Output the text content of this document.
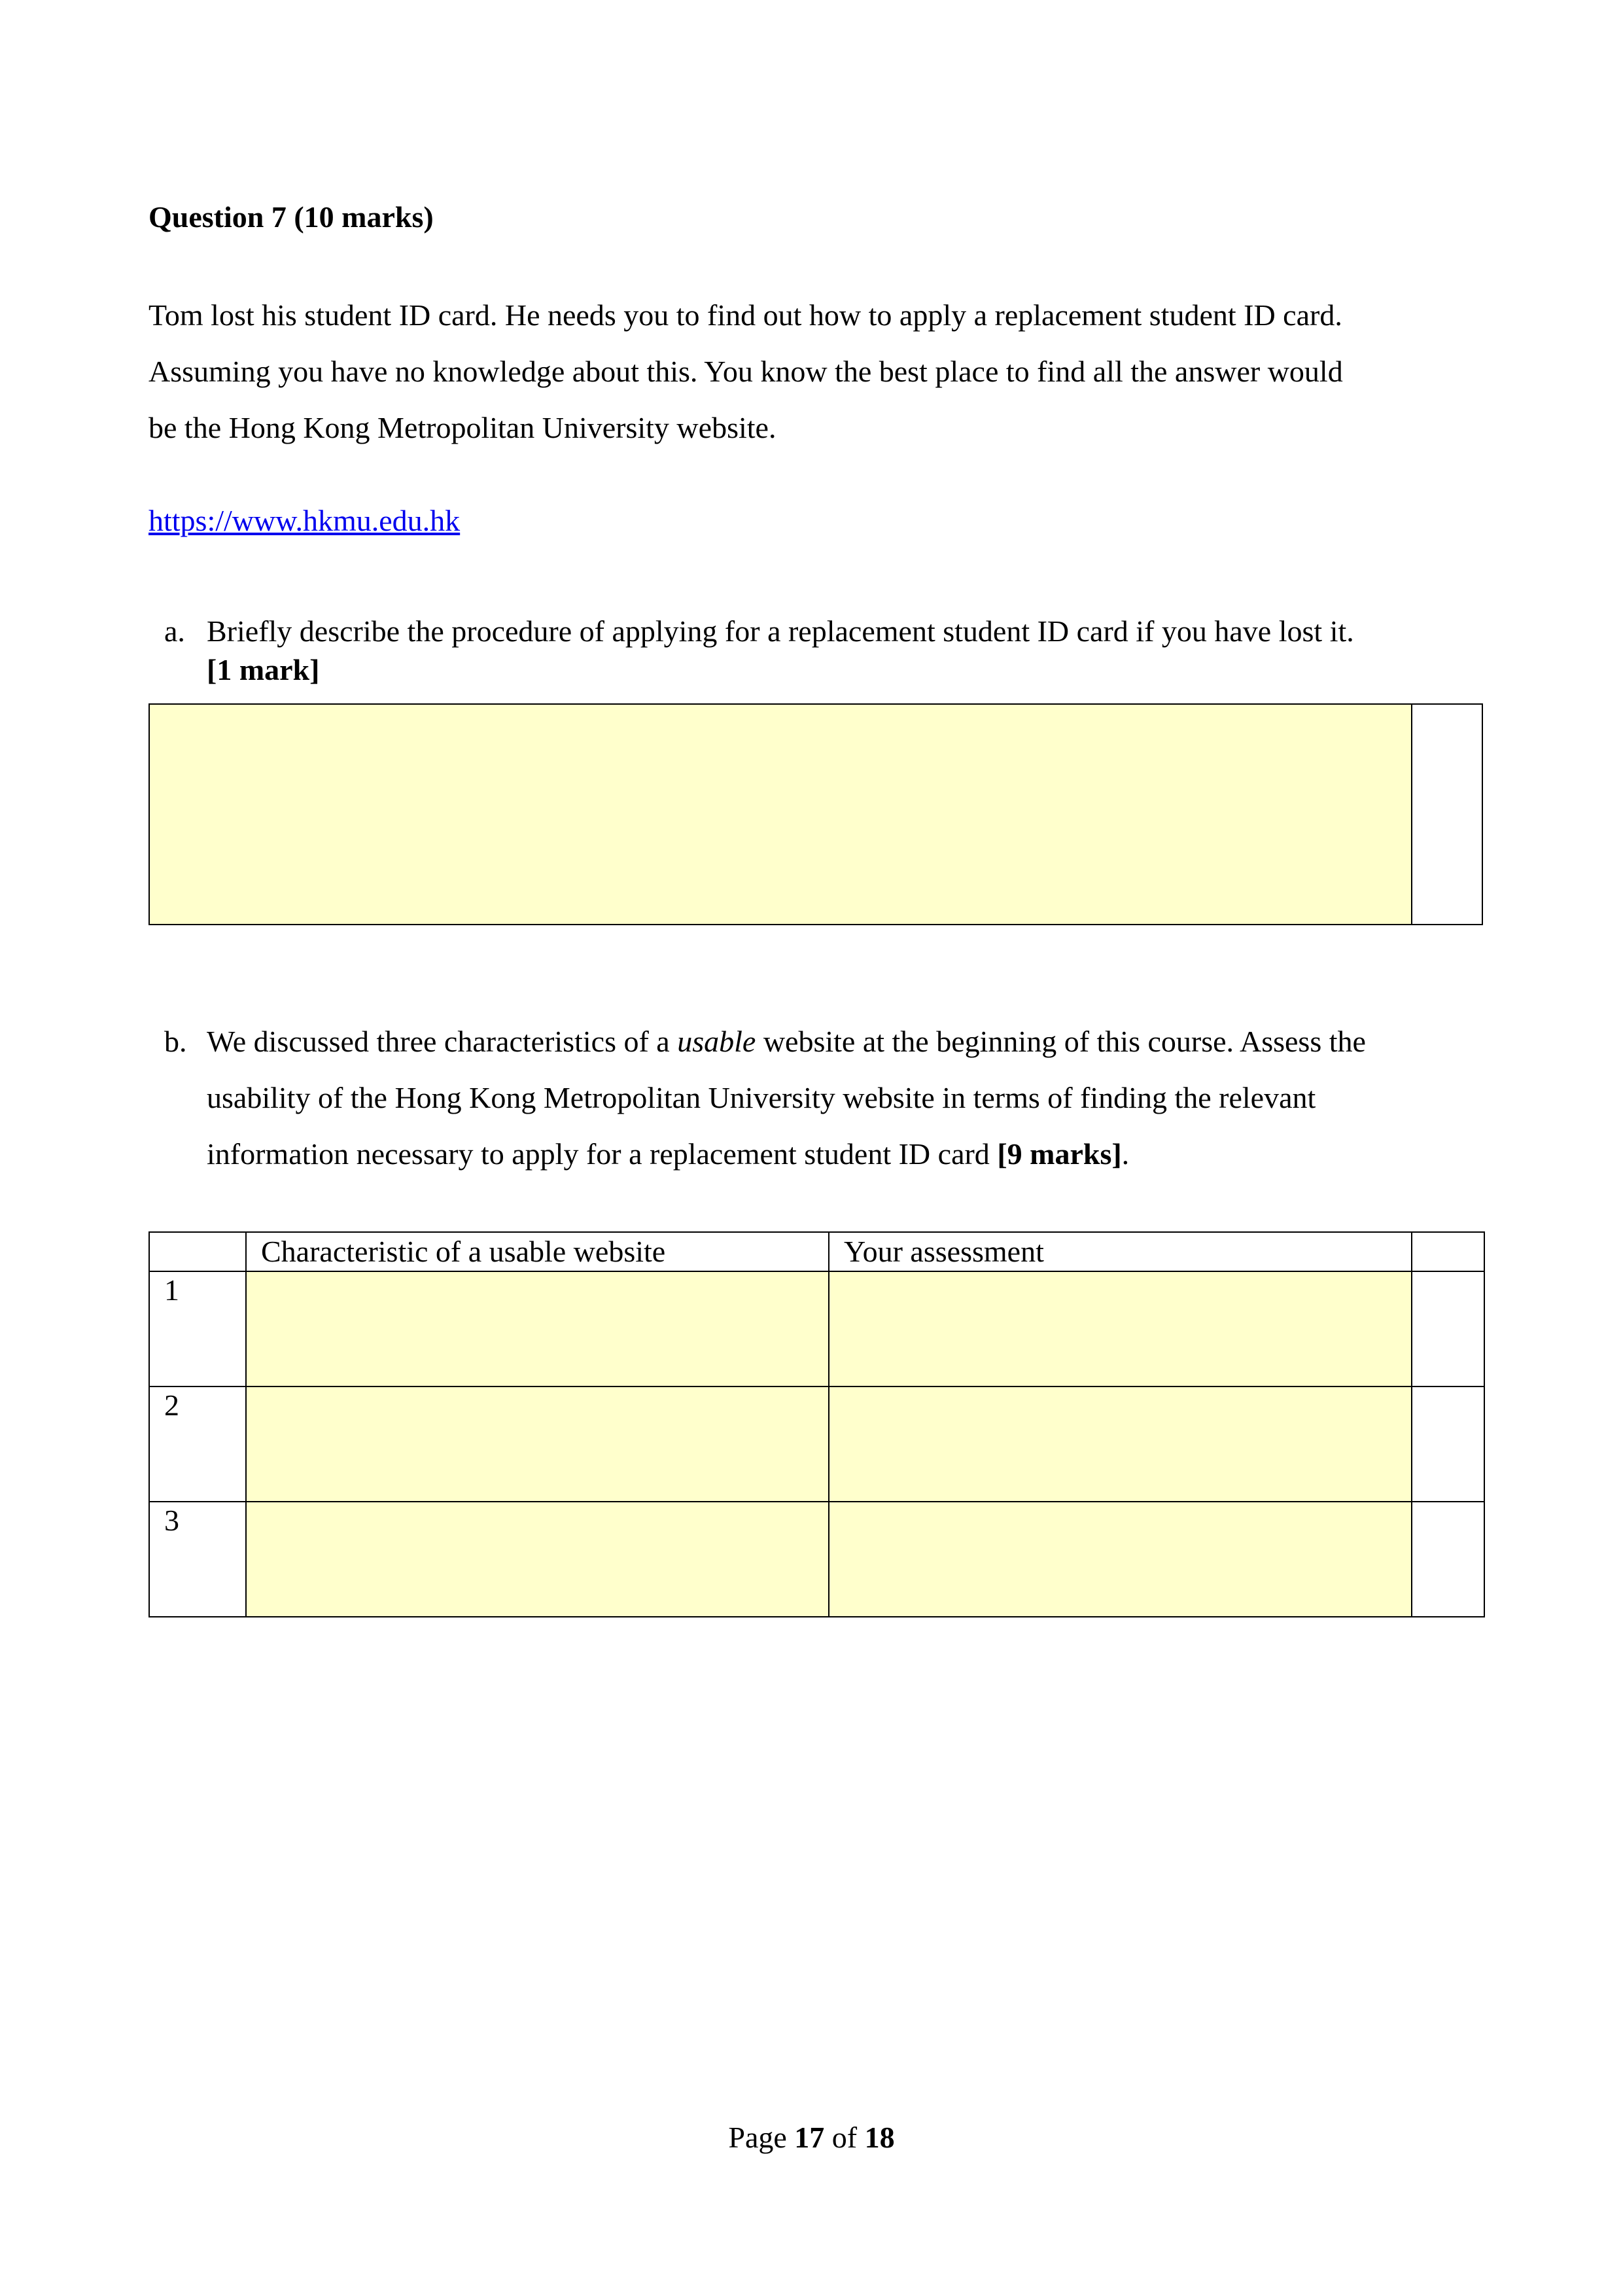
Question 7 (10 marks)
Tom lost his student ID card. He needs you to find out how to apply a replacement student ID card.
Assuming you have no knowledge about this. You know the best place to find all the answer would
be the Hong Kong Metropolitan University website.
https://www.hkmu.edu.hk
a. Briefly describe the procedure of applying for a replacement student ID card if you have lost it.
[1 mark]
b. We discussed three characteristics of a usable website at the beginning of this course. Assess the
usability of the Hong Kong Metropolitan University website in terms of finding the relevant
information necessary to apply for a replacement student ID card [9 marks].

	Characteristic of a usable website	Your assessment	

1			

2			

3			

Page 17 of 18
